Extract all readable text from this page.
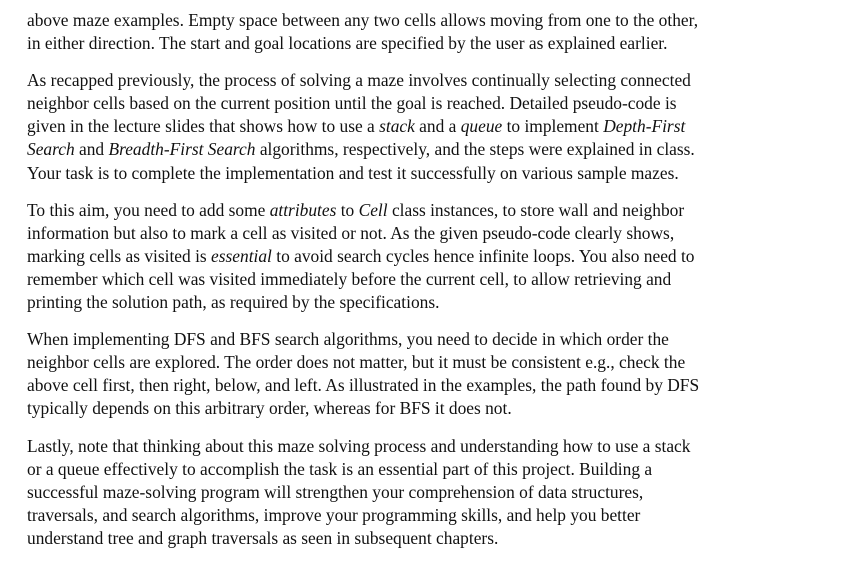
above maze examples. Empty space between any two cells allows moving from one to the other,
in either direction. The start and goal locations are specified by the user as explained earlier.

As recapped previously, the process of solving a maze involves continually selecting connected
neighbor cells based on the current position until the goal is reached. Detailed pseudo-code is
given in the lecture slides that shows how to use a stack and a queue to implement Depth-First
Search and Breadth-First Search algorithms, respectively, and the steps were explained in class.
Your task is to complete the implementation and test it successfully on various sample mazes.

To this aim, you need to add some attributes to Cell class instances, to store wall and neighbor
information but also to mark a cell as visited or not. As the given pseudo-code clearly shows,
marking cells as visited is essential to avoid search cycles hence infinite loops. You also need to
remember which cell was visited immediately before the current cell, to allow retrieving and
printing the solution path, as required by the specifications.

When implementing DFS and BFS search algorithms, you need to decide in which order the
neighbor cells are explored. The order does not matter, but it must be consistent e.g., check the
above cell first, then right, below, and left. As illustrated in the examples, the path found by DFS
typically depends on this arbitrary order, whereas for BFS it does not.

Lastly, note that thinking about this maze solving process and understanding how to use a stack
or a queue effectively to accomplish the task is an essential part of this project. Building a
successful maze-solving program will strengthen your comprehension of data structures,
traversals, and search algorithms, improve your programming skills, and help you better
understand tree and graph traversals as seen in subsequent chapters.
